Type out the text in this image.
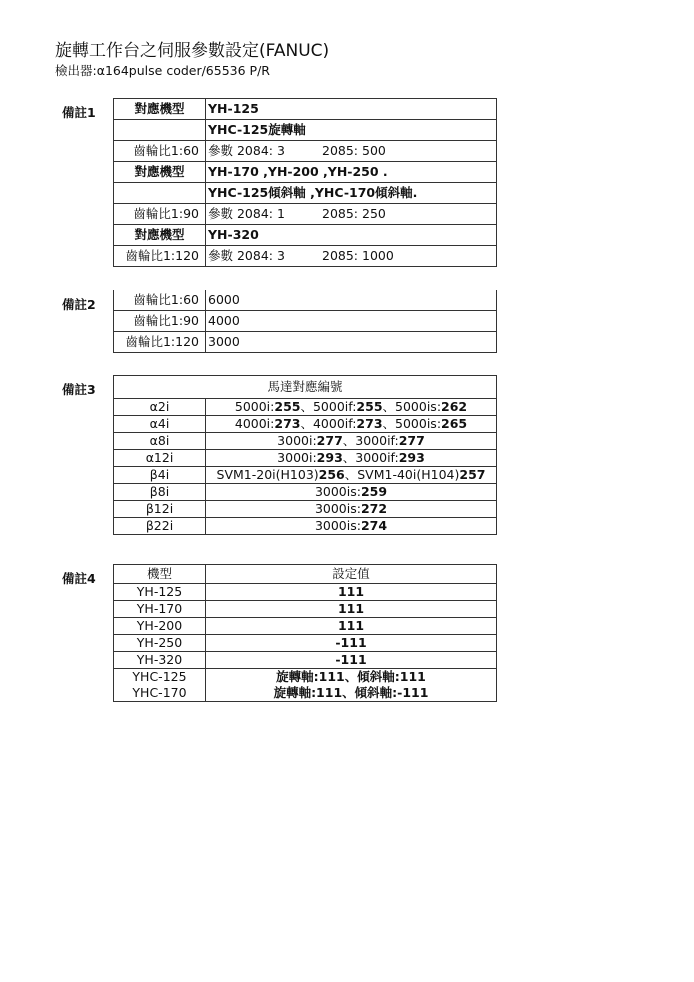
旋轉工作台之伺服參數設定(FANUC)
檢出器:α164pulse coder/65536 P/R
備註1	對應機型	YH-125	
	YHC-125旋轉軸	
齒輪比1:60	參數 2084: 3	2085: 500
對應機型	YH-170 ,YH-200 ,YH-250 .	
	YHC-125傾斜軸 ,YHC-170傾斜軸.	
齒輪比1:90	參數 2084: 1	2085: 250
對應機型	YH-320	
齒輪比1:120	參數 2084: 3	2085: 1000
備註2	齒輪比1:60	6000
齒輪比1:90	4000
齒輪比1:120	3000
備註3	馬達對應編號	
α2i	5000i:255、5000if:255、5000is:262
α4i	4000i:273、4000if:273、5000is:265
α8i	3000i:277、3000if:277
α12i	3000i:293、3000if:293
β4i	SVM1-20i(H103)256、SVM1-40i(H104)257
β8i	3000is:259
β12i	3000is:272
β22i	3000is:274
備註4	機型	設定值
YH-125	111
YH-170	111
YH-200	111
YH-250	-111
YH-320	-111
YHC-125	旋轉軸:111、傾斜軸:111
YHC-170	旋轉軸:111、傾斜軸:-111
